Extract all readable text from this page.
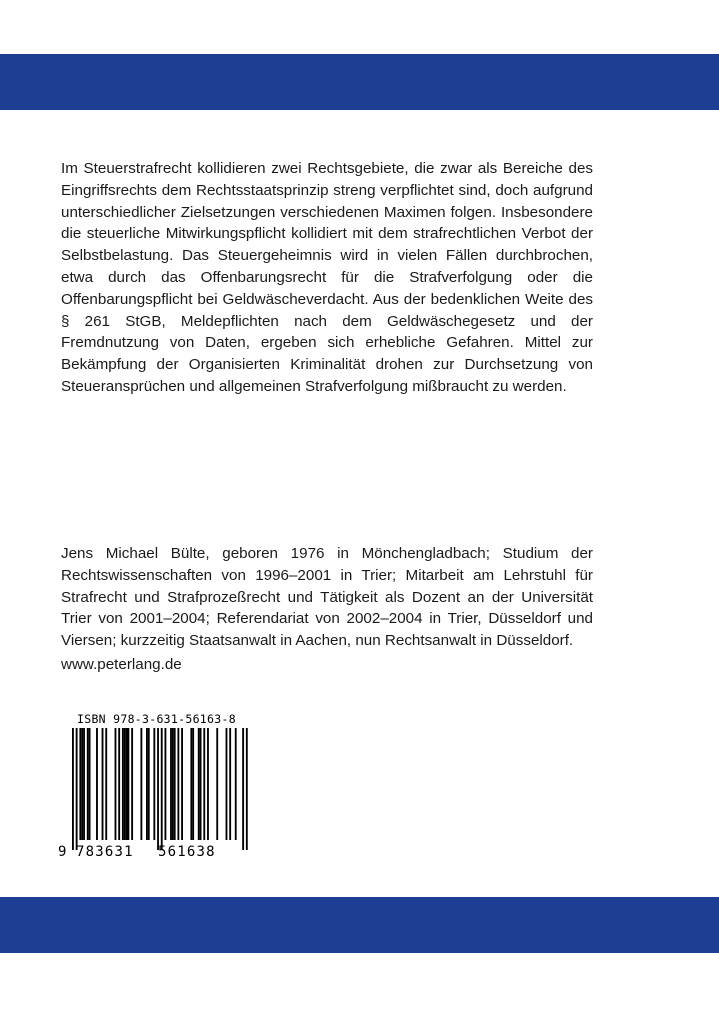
Im Steuerstrafrecht kollidieren zwei Rechtsgebiete, die zwar als Bereiche des Eingriffsrechts dem Rechtsstaatsprinzip streng verpflichtet sind, doch aufgrund unterschiedlicher Zielsetzungen verschiedenen Maximen folgen. Insbesondere die steuerliche Mitwirkungspflicht kollidiert mit dem strafrechtlichen Verbot der Selbstbelastung. Das Steuergeheimnis wird in vielen Fällen durchbrochen, etwa durch das Offenbarungsrecht für die Strafverfolgung oder die Offenbarungspflicht bei Geldwäscheverdacht. Aus der bedenklichen Weite des § 261 StGB, Meldepflichten nach dem Geldwäschegesetz und der Fremdnutzung von Daten, ergeben sich erhebliche Gefahren. Mittel zur Bekämpfung der Organisierten Kriminalität drohen zur Durchsetzung von Steueransprüchen und allgemeinen Strafverfolgung mißbraucht zu werden.

Jens Michael Bülte, geboren 1976 in Mönchengladbach; Studium der Rechtswissenschaften von 1996–2001 in Trier; Mitarbeit am Lehrstuhl für Strafrecht und Strafprozeßrecht und Tätigkeit als Dozent an der Universität Trier von 2001–2004; Referendariat von 2002–2004 in Trier, Düsseldorf und Viersen; kurzzeitig Staatsanwalt in Aachen, nun Rechtsanwalt in Düsseldorf.

www.peterlang.de

ISBN 978-3-631-56163-8
9 783631 561638
